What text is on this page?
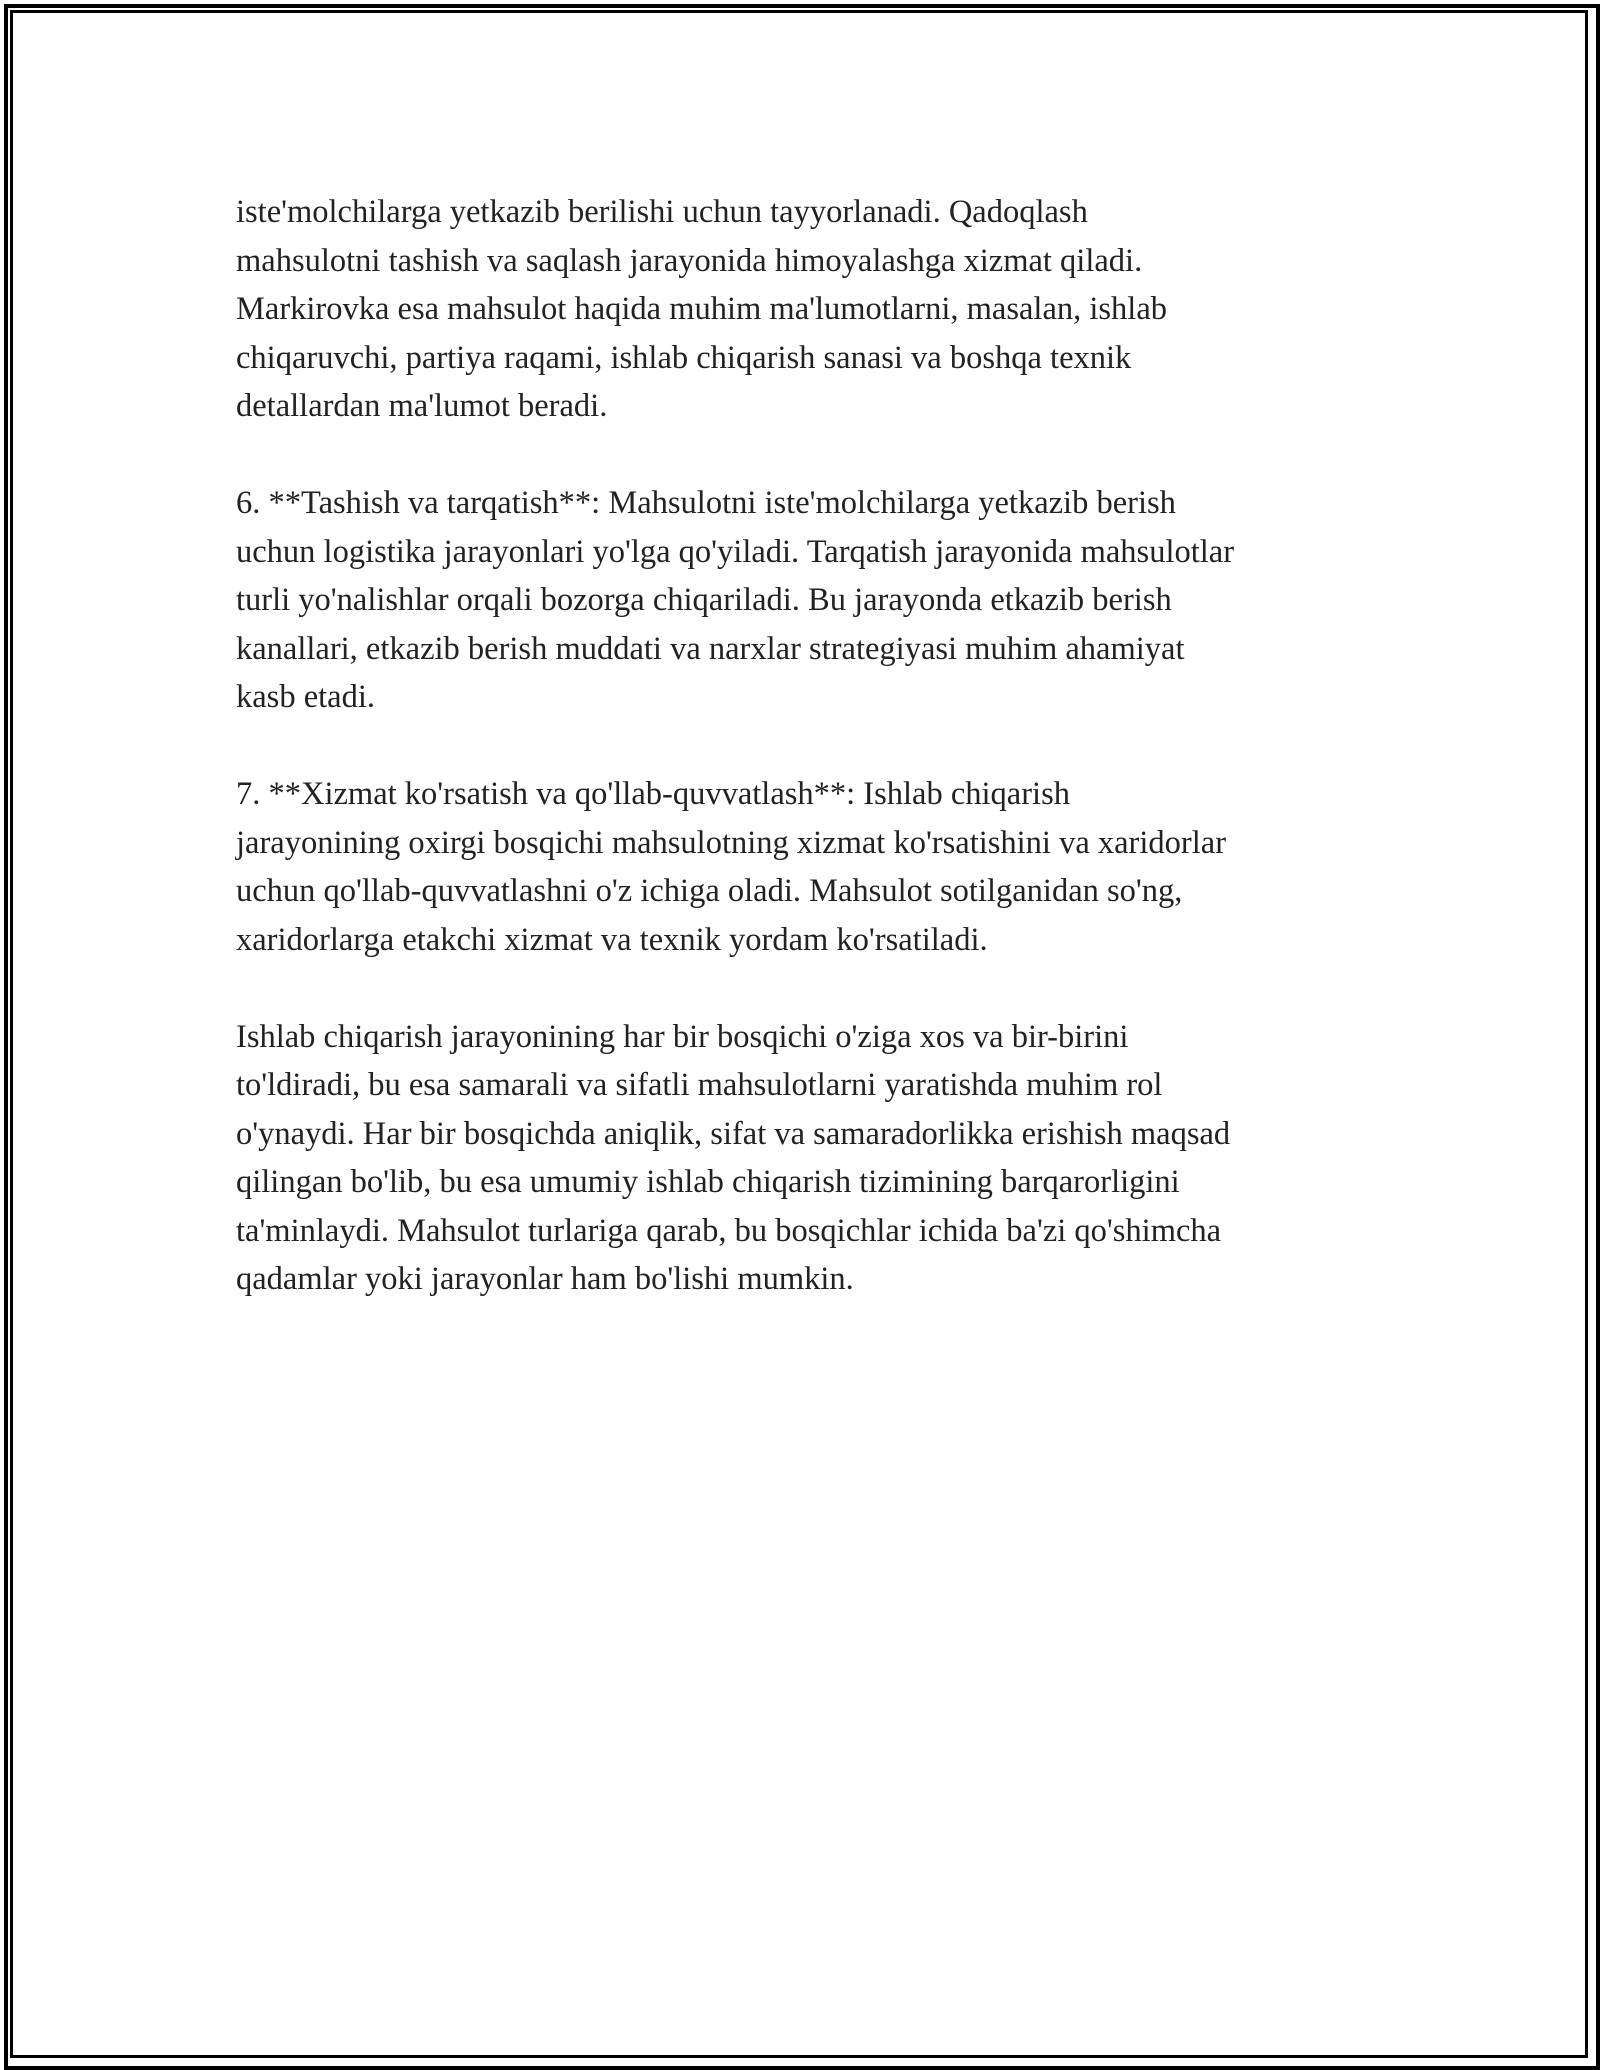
iste'molchilarga yetkazib berilishi uchun tayyorlanadi. Qadoqlash
mahsulotni tashish va saqlash jarayonida himoyalashga xizmat qiladi.
Markirovka esa mahsulot haqida muhim ma'lumotlarni, masalan, ishlab
chiqaruvchi, partiya raqami, ishlab chiqarish sanasi va boshqa texnik
detallardan ma'lumot beradi.

6. **Tashish va tarqatish**: Mahsulotni iste'molchilarga yetkazib berish
uchun logistika jarayonlari yo'lga qo'yiladi. Tarqatish jarayonida mahsulotlar
turli yo'nalishlar orqali bozorga chiqariladi. Bu jarayonda etkazib berish
kanallari, etkazib berish muddati va narxlar strategiyasi muhim ahamiyat
kasb etadi.

7. **Xizmat ko'rsatish va qo'llab-quvvatlash**: Ishlab chiqarish
jarayonining oxirgi bosqichi mahsulotning xizmat ko'rsatishini va xaridorlar
uchun qo'llab-quvvatlashni o'z ichiga oladi. Mahsulot sotilganidan so'ng,
xaridorlarga etakchi xizmat va texnik yordam ko'rsatiladi.

Ishlab chiqarish jarayonining har bir bosqichi o'ziga xos va bir-birini
to'ldiradi, bu esa samarali va sifatli mahsulotlarni yaratishda muhim rol
o'ynaydi. Har bir bosqichda aniqlik, sifat va samaradorlikka erishish maqsad
qilingan bo'lib, bu esa umumiy ishlab chiqarish tizimining barqarorligini
ta'minlaydi. Mahsulot turlariga qarab, bu bosqichlar ichida ba'zi qo'shimcha
qadamlar yoki jarayonlar ham bo'lishi mumkin.
